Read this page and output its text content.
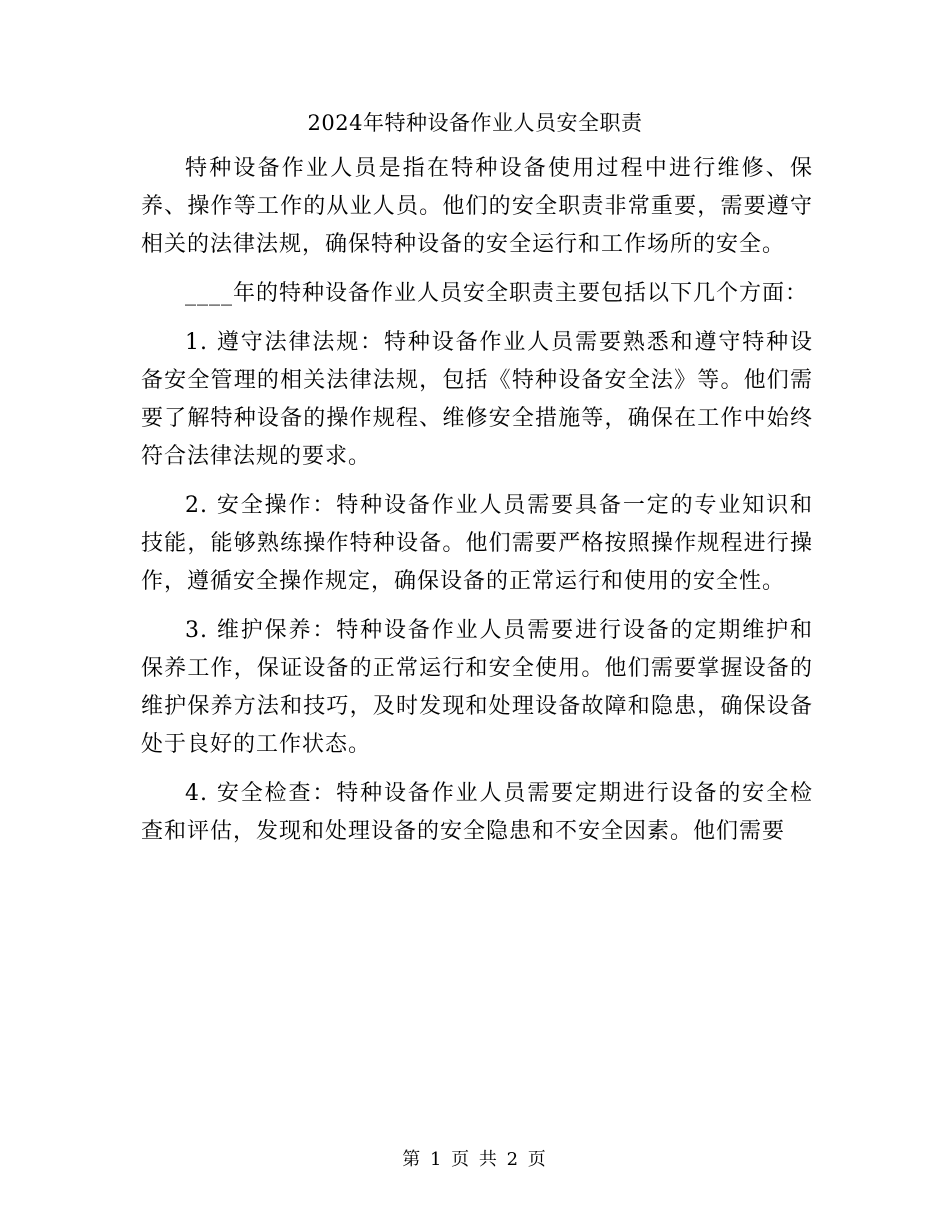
2024年特种设备作业人员安全职责

特种设备作业人员是指在特种设备使用过程中进行维修、保养、操作等工作的从业人员。他们的安全职责非常重要，需要遵守相关的法律法规，确保特种设备的安全运行和工作场所的安全。

____年的特种设备作业人员安全职责主要包括以下几个方面：

1. 遵守法律法规：特种设备作业人员需要熟悉和遵守特种设备安全管理的相关法律法规，包括《特种设备安全法》等。他们需要了解特种设备的操作规程、维修安全措施等，确保在工作中始终符合法律法规的要求。

2. 安全操作：特种设备作业人员需要具备一定的专业知识和技能，能够熟练操作特种设备。他们需要严格按照操作规程进行操作，遵循安全操作规定，确保设备的正常运行和使用的安全性。

3. 维护保养：特种设备作业人员需要进行设备的定期维护和保养工作，保证设备的正常运行和安全使用。他们需要掌握设备的维护保养方法和技巧，及时发现和处理设备故障和隐患，确保设备处于良好的工作状态。

4. 安全检查：特种设备作业人员需要定期进行设备的安全检查和评估，发现和处理设备的安全隐患和不安全因素。他们需要

第 1 页 共 2 页
